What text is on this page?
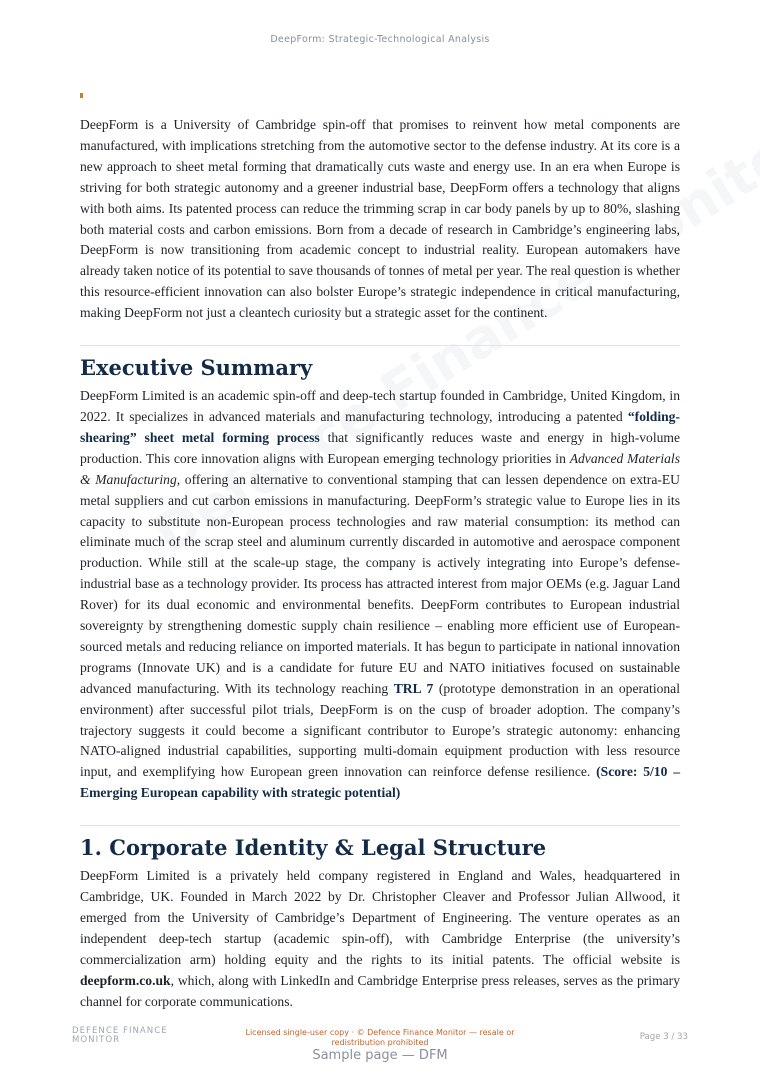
DeepForm: Strategic-Technological Analysis

DeepForm is a University of Cambridge spin-off that promises to reinvent how metal components are manufactured, with implications stretching from the automotive sector to the defense industry. At its core is a new approach to sheet metal forming that dramatically cuts waste and energy use. In an era when Europe is striving for both strategic autonomy and a greener industrial base, DeepForm offers a technology that aligns with both aims. Its patented process can reduce the trimming scrap in car body panels by up to 80%, slashing both material costs and carbon emissions. Born from a decade of research in Cambridge’s engineering labs, DeepForm is now transitioning from academic concept to industrial reality. European automakers have already taken notice of its potential to save thousands of tonnes of metal per year. The real question is whether this resource-efficient innovation can also bolster Europe’s strategic independence in critical manufacturing, making DeepForm not just a cleantech curiosity but a strategic asset for the continent.

Executive Summary

DeepForm Limited is an academic spin-off and deep-tech startup founded in Cambridge, United Kingdom, in 2022. It specializes in advanced materials and manufacturing technology, introducing a patented “folding-shearing” sheet metal forming process that significantly reduces waste and energy in high-volume production. This core innovation aligns with European emerging technology priorities in Advanced Materials & Manufacturing, offering an alternative to conventional stamping that can lessen dependence on extra-EU metal suppliers and cut carbon emissions in manufacturing. DeepForm’s strategic value to Europe lies in its capacity to substitute non-European process technologies and raw material consumption: its method can eliminate much of the scrap steel and aluminum currently discarded in automotive and aerospace component production. While still at the scale-up stage, the company is actively integrating into Europe’s defense-industrial base as a technology provider. Its process has attracted interest from major OEMs (e.g. Jaguar Land Rover) for its dual economic and environmental benefits. DeepForm contributes to European industrial sovereignty by strengthening domestic supply chain resilience – enabling more efficient use of European-sourced metals and reducing reliance on imported materials. It has begun to participate in national innovation programs (Innovate UK) and is a candidate for future EU and NATO initiatives focused on sustainable advanced manufacturing. With its technology reaching TRL 7 (prototype demonstration in an operational environment) after successful pilot trials, DeepForm is on the cusp of broader adoption. The company’s trajectory suggests it could become a significant contributor to Europe’s strategic autonomy: enhancing NATO-aligned industrial capabilities, supporting multi-domain equipment production with less resource input, and exemplifying how European green innovation can reinforce defense resilience. (Score: 5/10 – Emerging European capability with strategic potential)

1. Corporate Identity & Legal Structure

DeepForm Limited is a privately held company registered in England and Wales, headquartered in Cambridge, UK. Founded in March 2022 by Dr. Christopher Cleaver and Professor Julian Allwood, it emerged from the University of Cambridge’s Department of Engineering. The venture operates as an independent deep-tech startup (academic spin-off), with Cambridge Enterprise (the university’s commercialization arm) holding equity and the rights to its initial patents. The official website is deepform.co.uk, which, along with LinkedIn and Cambridge Enterprise press releases, serves as the primary channel for corporate communications.

DEFENCE FINANCE
MONITOR
Licensed single-user copy · © Defence Finance Monitor — resale or redistribution prohibited	Page 3 / 33
Sample page — DFM
